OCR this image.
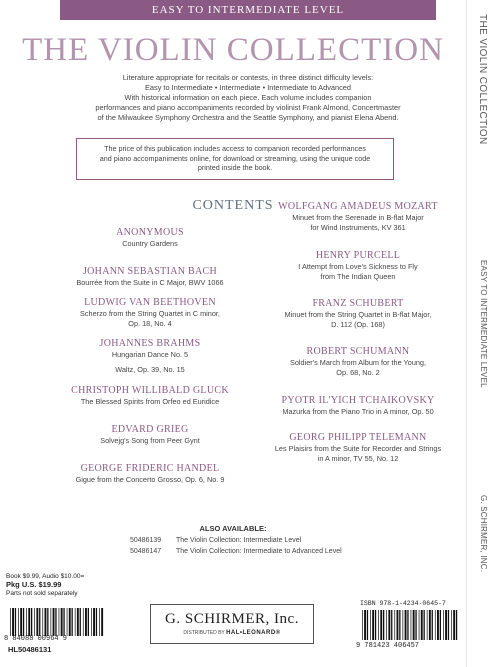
EASY TO INTERMEDIATE LEVEL
THE VIOLIN COLLECTION
Literature appropriate for recitals or contests, in three distinct difficulty levels:
Easy to Intermediate • Intermediate • Intermediate to Advanced
With historical information on each piece. Each volume includes companion
performances and piano accompaniments recorded by violinist Frank Almond, Concertmaster
of the Milwaukee Symphony Orchestra and the Seattle Symphony, and pianist Elena Abend.
The price of this publication includes access to companion recorded performances
and piano accompaniments online, for download or streaming, using the unique code
printed inside the book.
CONTENTS
ANONYMOUS
Country Gardens
JOHANN SEBASTIAN BACH
Bourrée from the Suite in C Major, BWV 1066
LUDWIG VAN BEETHOVEN
Scherzo from the String Quartet in C minor,
Op. 18, No. 4
JOHANNES BRAHMS
Hungarian Dance No. 5
Waltz, Op. 39, No. 15
CHRISTOPH WILLIBALD GLUCK
The Blessed Spirits from Orfeo ed Euridice
EDVARD GRIEG
Solvejg's Song from Peer Gynt
GEORGE FRIDERIC HANDEL
Gigue from the Concerto Grosso, Op. 6, No. 9
WOLFGANG AMADEUS MOZART
Minuet from the Serenade in B-flat Major
for Wind Instruments, KV 361
HENRY PURCELL
I Attempt from Love's Sickness to Fly
from The Indian Queen
FRANZ SCHUBERT
Minuet from the String Quartet in B-flat Major,
D. 112 (Op. 168)
ROBERT SCHUMANN
Soldier's March from Album for the Young,
Op. 68, No. 2
PYOTR IL'YICH TCHAIKOVSKY
Mazurka from the Piano Trio in A minor, Op. 50
GEORG PHILIPP TELEMANN
Les Plaisirs from the Suite for Recorder and Strings
in A minor, TV 55, No. 12
ALSO AVAILABLE:
50486139 The Violin Collection: Intermediate Level
50486147 The Violin Collection: Intermediate to Advanced Level
Book $9.99, Audio $10.00=
Pkg U.S. $19.99
Parts not sold separately
8 84088 00964 9
HL50486131
G. SCHIRMER, Inc.
DISTRIBUTED BY HAL•LEONARD®
ISBN 978-1-4234-0645-7
9 781423 406457
THE VIOLIN COLLECTION
EASY TO INTERMEDIATE LEVEL
G. SCHIRMER, INC.
